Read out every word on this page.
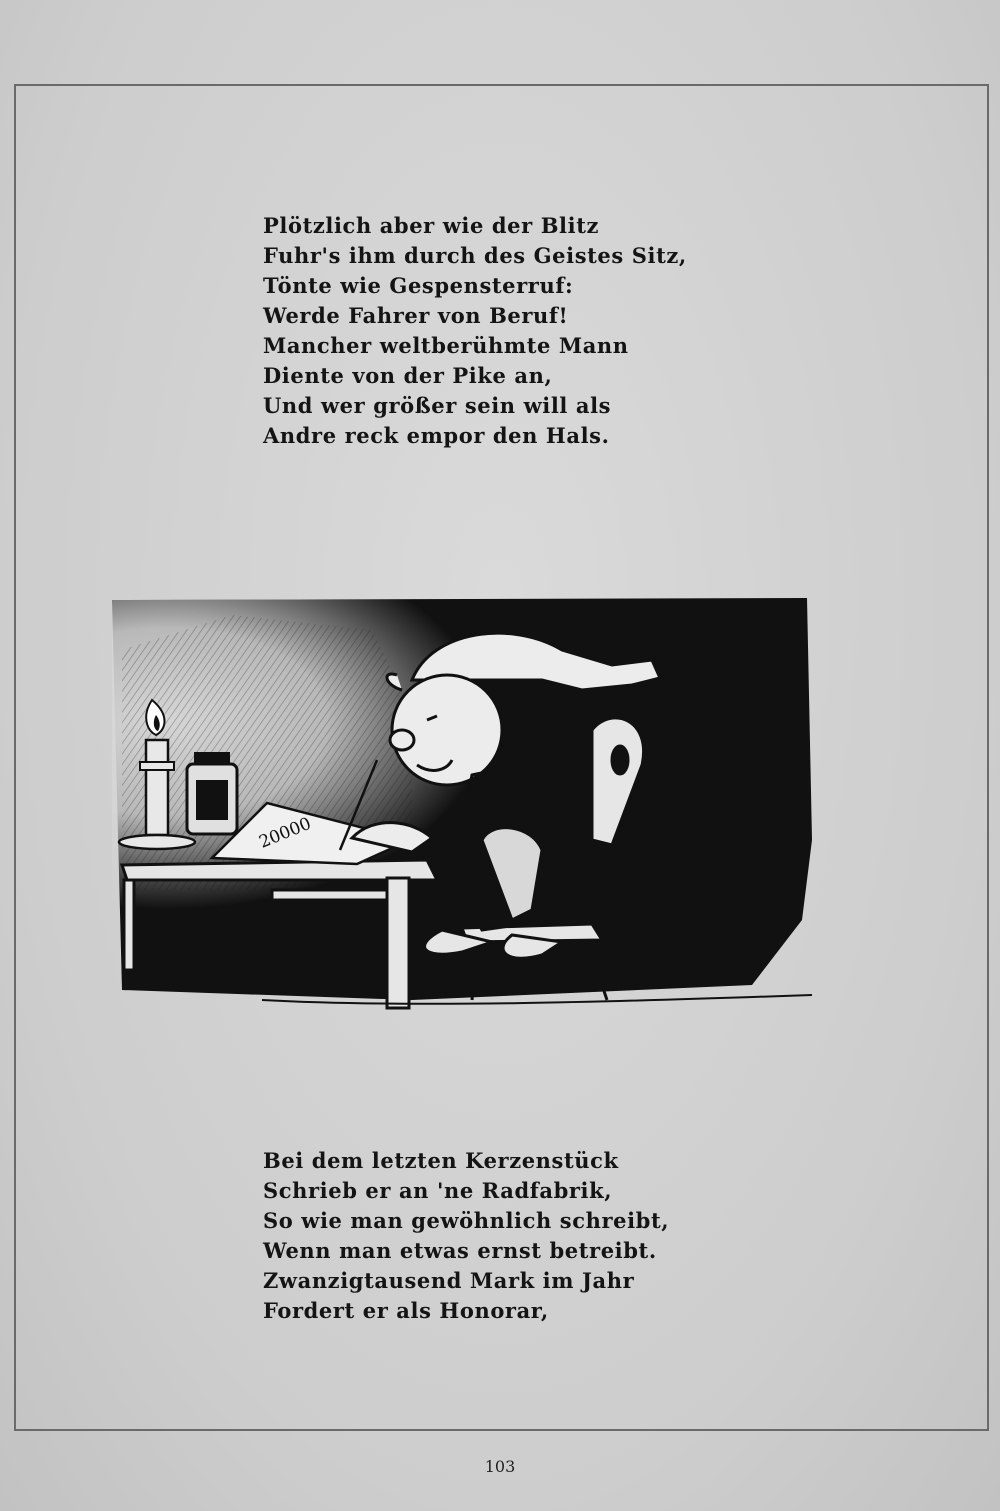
Plötzlich aber wie der Blitz
Fuhr's ihm durch des Geistes Sitz,
Tönte wie Gespensterruf:
Werde Fahrer von Beruf!
Mancher weltberühmte Mann
Diente von der Pike an,
Und wer größer sein will als
Andre reck empor den Hals.
20000
Bei dem letzten Kerzenstück
Schrieb er an 'ne Radfabrik,
So wie man gewöhnlich schreibt,
Wenn man etwas ernst betreibt.
Zwanzigtausend Mark im Jahr
Fordert er als Honorar,
103
